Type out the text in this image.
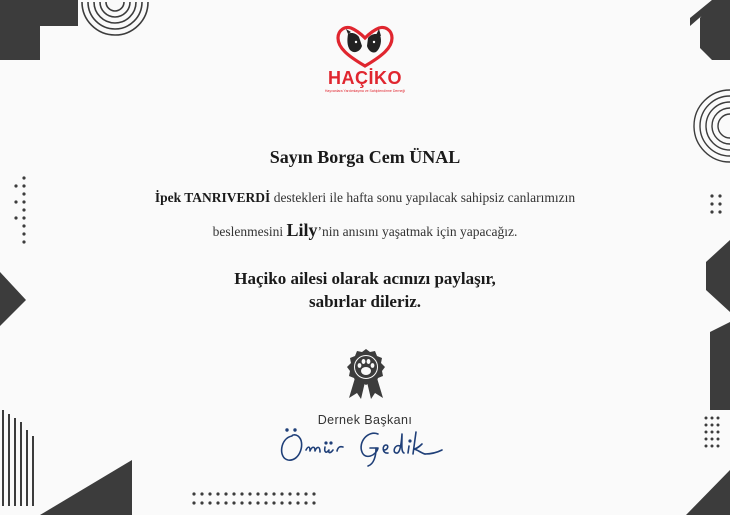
HAÇİKO
Hayvanlara Yardımlaşma ve Sahiplendirme Derneği
Sayın Borga Cem ÜNAL
İpek TANRIVERDİ destekleri ile hafta sonu yapılacak sahipsiz canlarımızın
beslenmesini Lily’nin anısını yaşatmak için yapacağız.
Haçiko ailesi olarak acınızı paylaşır,
sabırlar dileriz.
Dernek Başkanı
